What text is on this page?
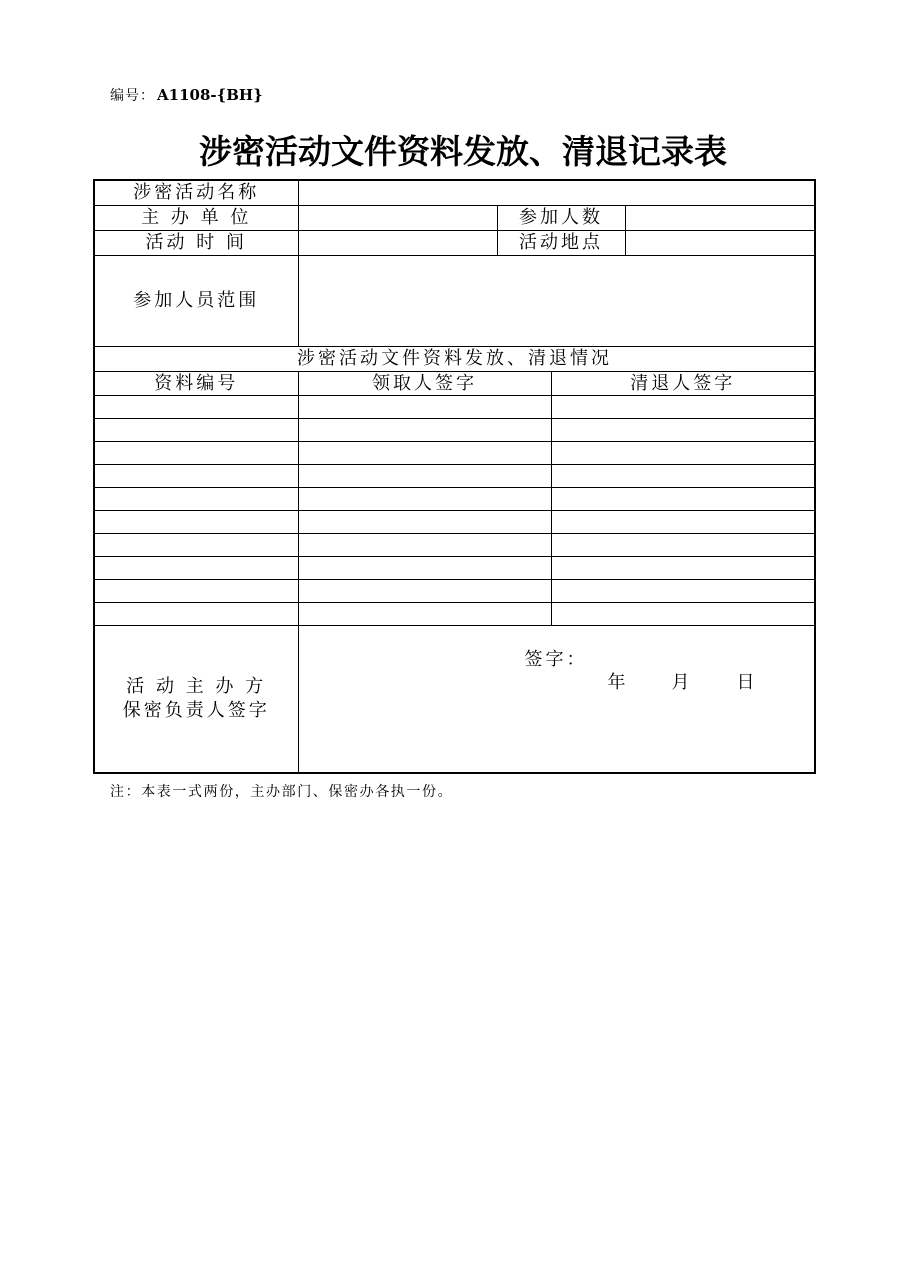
编号： A1108-{BH}
涉密活动文件资料发放、清退记录表
涉密活动名称				
主 办 单 位		参加人数		
活动 时 间		活动地点		
参加人员范围				
涉密活动文件资料发放、清退情况				
资料编号	领取人签字		清退人签字	

活 动 主 办 方
保密负责人签字	签字：
年 月 日			
注：本表一式两份，主办部门、保密办各执一份。
